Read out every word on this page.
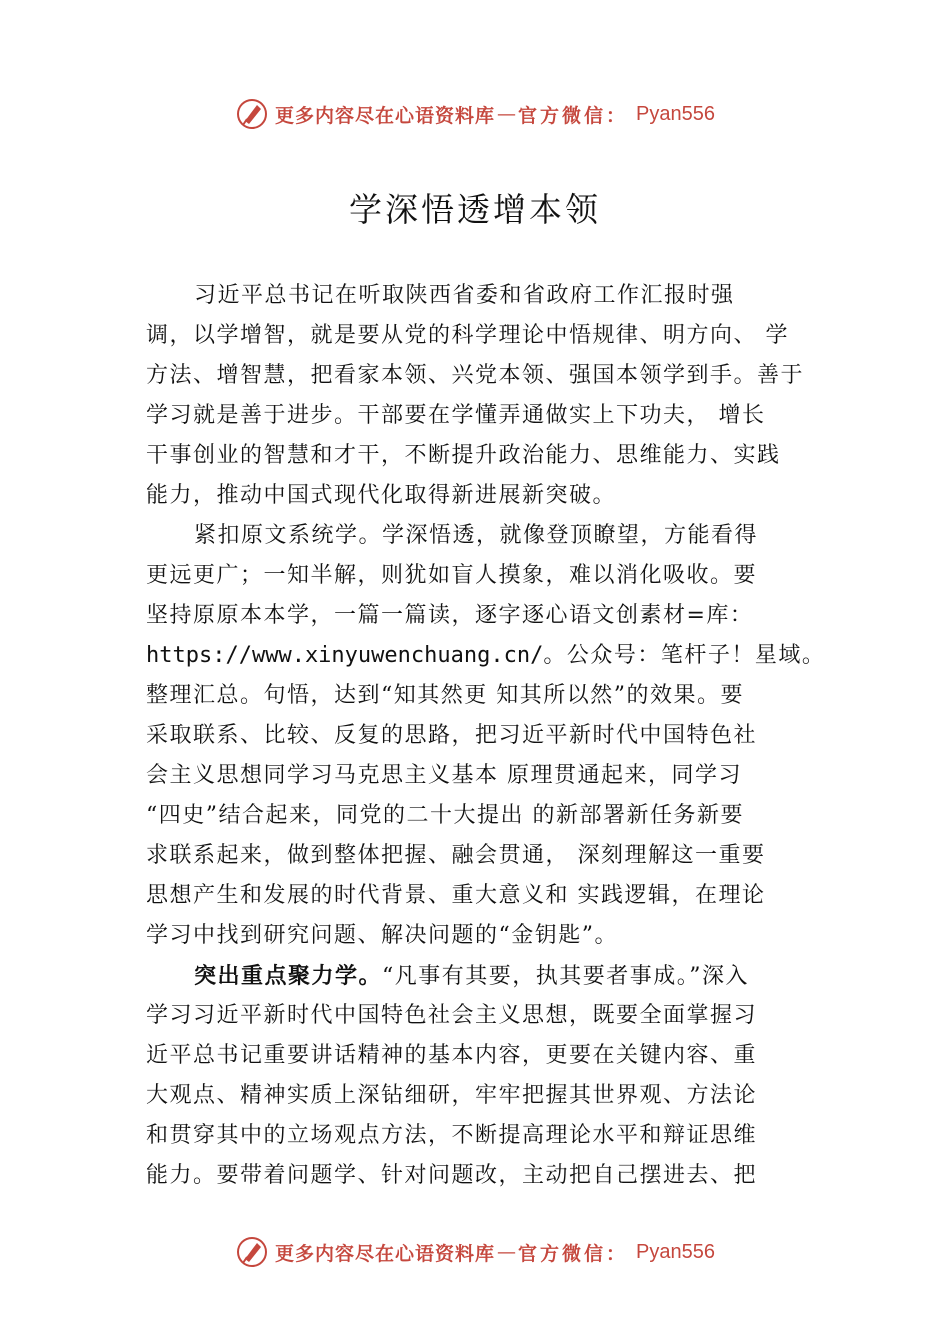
更多内容尽在心语资料库 — 官方微信： Pyan556
学深悟透增本领
习近平总书记在听取陕西省委和省政府工作汇报时强
调，以学增智，就是要从党的科学理论中悟规律、明方向、 学
方法、增智慧，把看家本领、兴党本领、强国本领学到手。善于
学习就是善于进步。干部要在学懂弄通做实上下功夫， 增长
干事创业的智慧和才干，不断提升政治能力、思维能力、实践
能力，推动中国式现代化取得新进展新突破。
紧扣原文系统学。学深悟透，就像登顶瞭望，方能看得
更远更广；一知半解，则犹如盲人摸象，难以消化吸收。要
坚持原原本本学，一篇一篇读，逐字逐心语文创素材=库：
https://www.xinyuwenchuang.cn/。公众号：笔杆子！星域。
整理汇总。句悟，达到“知其然更 知其所以然”的效果。要
采取联系、比较、反复的思路，把习近平新时代中国特色社
会主义思想同学习马克思主义基本 原理贯通起来，同学习
“四史”结合起来，同党的二十大提出 的新部署新任务新要
求联系起来，做到整体把握、融会贯通， 深刻理解这一重要
思想产生和发展的时代背景、重大意义和 实践逻辑，在理论
学习中找到研究问题、解决问题的“金钥匙”。
突出重点聚力学。“凡事有其要，执其要者事成。”深入
学习习近平新时代中国特色社会主义思想，既要全面掌握习
近平总书记重要讲话精神的基本内容，更要在关键内容、重
大观点、精神实质上深钻细研，牢牢把握其世界观、方法论
和贯穿其中的立场观点方法，不断提高理论水平和辩证思维
能力。要带着问题学、针对问题改，主动把自己摆进去、把
更多内容尽在心语资料库 — 官方微信： Pyan556
